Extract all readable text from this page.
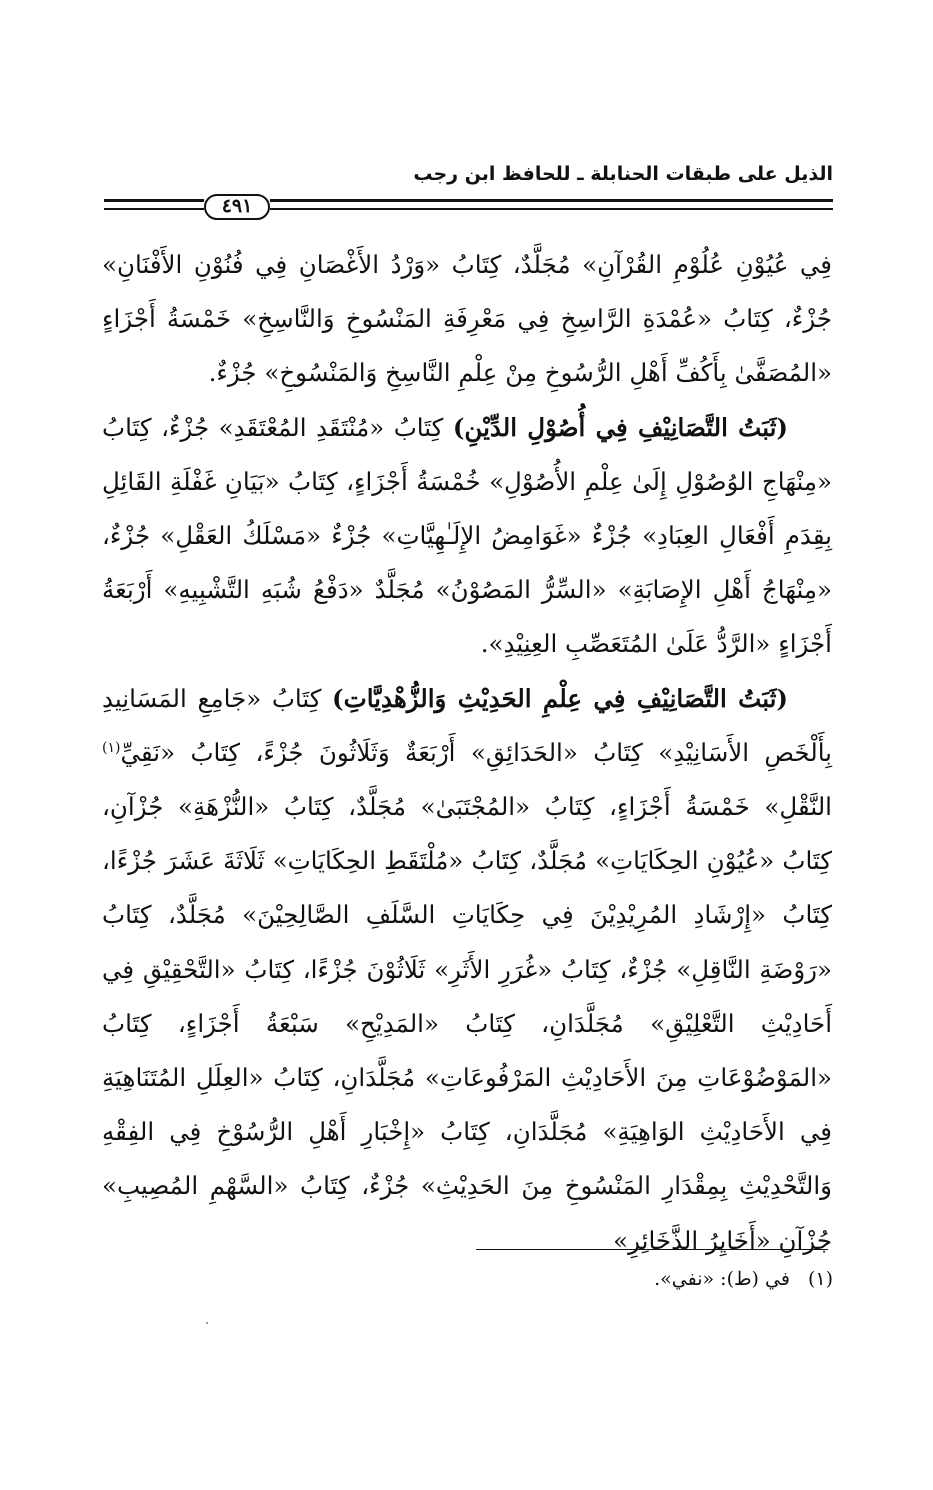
الذيل على طبقات الحنابلة ـ للحافظ ابن رجب
٤٩١

فِي عُيُوْنِ عُلُوْمِ القُرْآنِ» مُجَلَّدٌ، كِتَابُ «وَرْدُ الأَغْصَانِ فِي فُنُوْنِ الأَفْنَانِ» جُزْءٌ، كِتَابُ «عُمْدَةِ الرَّاسِخِ فِي مَعْرِفَةِ المَنْسُوخِ وَالنَّاسِخِ» خَمْسَةُ أَجْزَاءٍ «المُصَفَّىٰ بِأَكُفِّ أَهْلِ الرُّسُوخِ مِنْ عِلْمِ النَّاسِخِ وَالمَنْسُوخِ» جُزْءٌ.

(ثَبَتُ التَّصَانِيْفِ فِي أُصُوْلِ الدِّيْنِ) كِتَابُ «مُنْتَقَدِ المُعْتَقَدِ» جُزْءٌ، كِتَابُ «مِنْهَاجِ الوُصُوْلِ إِلَىٰ عِلْمِ الأُصُوْلِ» خُمْسَةُ أَجْزَاءٍ، كِتَابُ «بَيَانِ غَفْلَةِ القَائِلِ بِقِدَمِ أَفْعَالِ العِبَادِ» جُزْءٌ «غَوَامِضُ الإِلَـٰهِيَّاتِ» جُزْءٌ «مَسْلَكُ العَقْلِ» جُزْءٌ، «مِنْهَاجُ أَهْلِ الإِصَابَةِ» «السِّرُّ المَصُوْنُ» مُجَلَّدٌ «دَفْعُ شُبَهِ التَّشْبِيهِ» أَرْبَعَةُ أَجْزَاءٍ «الرَّدُّ عَلَىٰ المُتَعَصِّبِ العِنِيْدِ».

(ثَبَتُ التَّصَانِيْفِ فِي عِلْمِ الحَدِيْثِ وَالزُّهْدِيَّاتِ) كِتَابُ «جَامِعِ المَسَانِيدِ بِأَلْخَصِ الأَسَانِيْدِ» كِتَابُ «الحَدَائِقِ» أَرْبَعَةٌ وَثَلَاثُونَ جُزْءً، كِتَابُ «نَقِيِّ$^{(١)}$ النَّقْلِ» خَمْسَةُ أَجْزَاءٍ، كِتَابُ «المُجْتَبَىٰ» مُجَلَّدٌ، كِتَابُ «النُّزْهَةِ» جُزْآنِ، كِتَابُ «عُيُوْنِ الحِكَايَاتِ» مُجَلَّدٌ، كِتَابُ «مُلْتَقَطِ الحِكَايَاتِ» ثَلَاثَةَ عَشَرَ جُزْءًا، كِتَابُ «إِرْشَادِ المُرِيْدِيْنَ فِي حِكَايَاتِ السَّلَفِ الصَّالِحِيْنَ» مُجَلَّدٌ، كِتَابُ «رَوْضَةِ النَّاقِلِ» جُزْءٌ، كِتَابُ «غُرَرِ الأَثَرِ» ثَلَاثُوْنَ جُزْءًا، كِتَابُ «التَّحْقِيْقِ فِي أَحَادِيْثِ التَّعْلِيْقِ» مُجَلَّدَانِ، كِتَابُ «المَدِيْحِ» سَبْعَةُ أَجْزَاءٍ، كِتَابُ «المَوْضُوْعَاتِ مِنَ الأَحَادِيْثِ المَرْفُوعَاتِ» مُجَلَّدَانِ، كِتَابُ «العِلَلِ المُتَنَاهِيَةِ فِي الأَحَادِيْثِ الوَاهِيَةِ» مُجَلَّدَانِ، كِتَابُ «إِخْبَارِ أَهْلِ الرُّسُوْخِ فِي الفِقْهِ وَالتَّحْدِيْثِ بِمِقْدَارِ المَنْسُوخِ مِنَ الحَدِيْثِ» جُزْءٌ، كِتَابُ «السَّهْمِ المُصِيبِ» جُزْآنِ «أَخَايِرُ الذَّخَائِرِ»

(١)في (ط): «نفي».
